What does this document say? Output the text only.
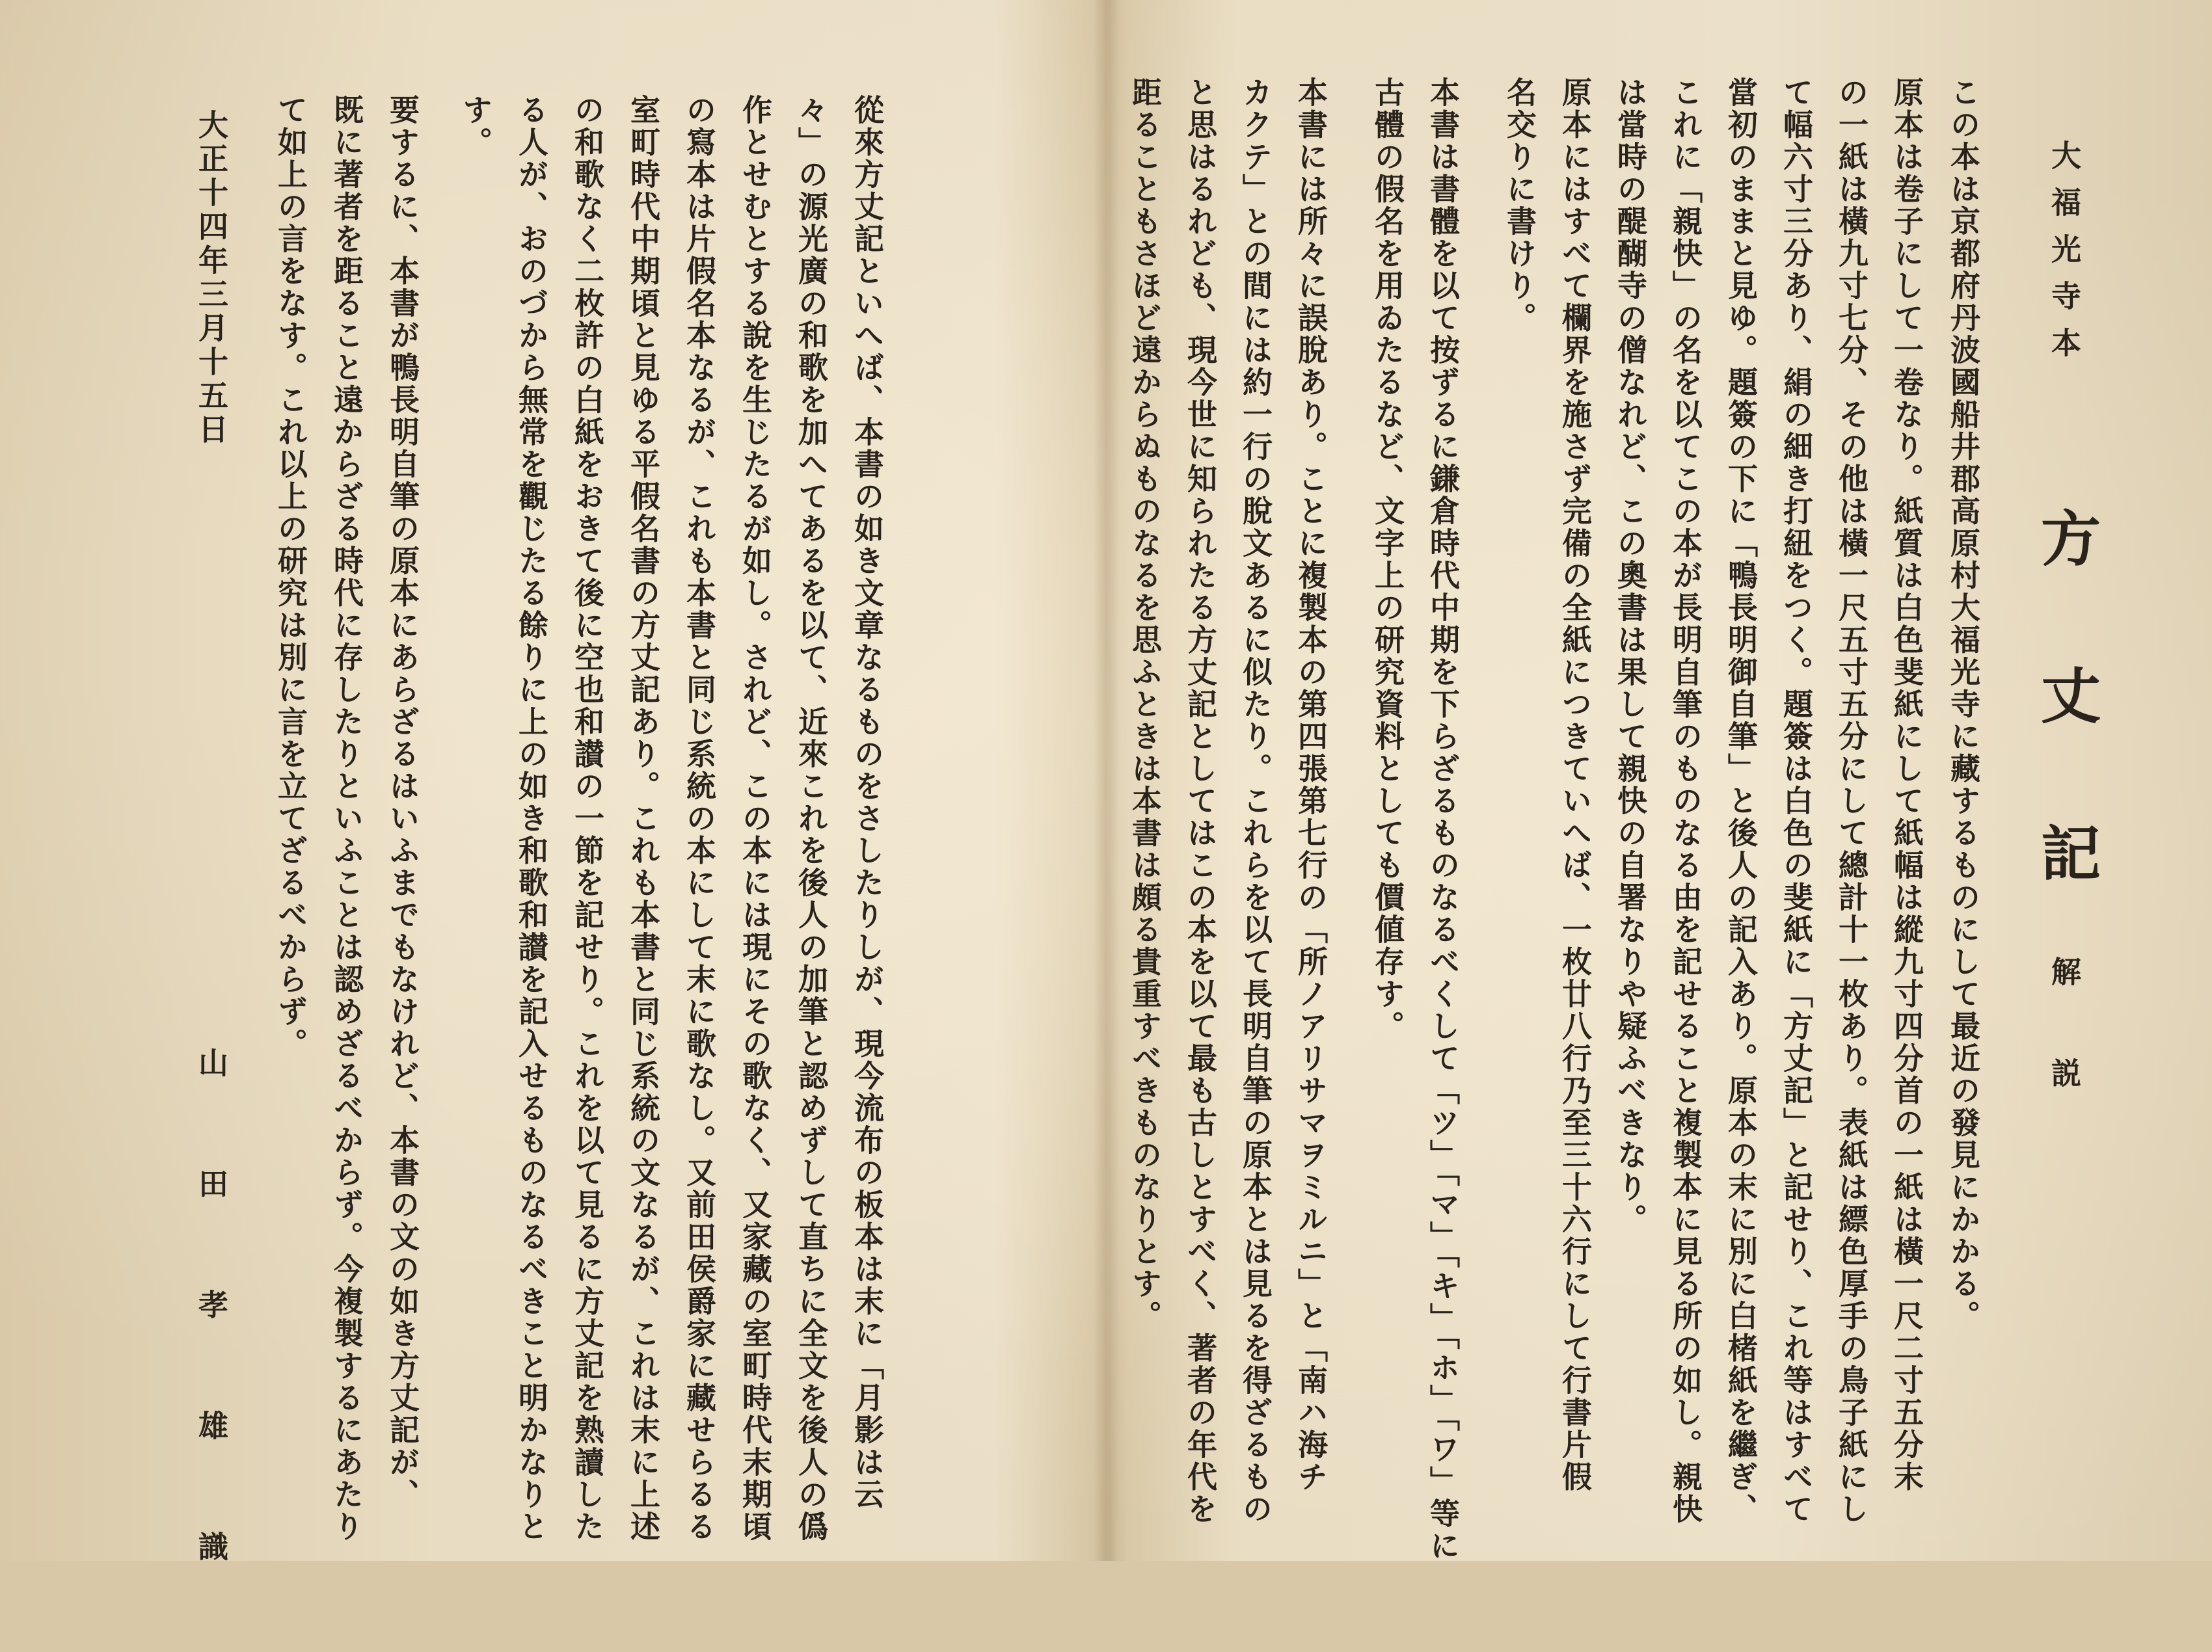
大福光寺本
方丈記
解説
この本は京都府丹波國船井郡高原村大福光寺に藏するものにして最近の發見にかかる。
原本は卷子にして一卷なり。紙質は白色斐紙にして紙幅は縱九寸四分首の一紙は橫一尺二寸五分末
の一紙は橫九寸七分、その他は橫一尺五寸五分にして總計十一枚あり。表紙は縹色厚手の鳥子紙にし
て幅六寸三分あり、絹の細き打紐をつく。題簽は白色の斐紙に「方丈記」と記せり、これ等はすべて
當初のままと見ゆ。題簽の下に「鴨長明御自筆」と後人の記入あり。原本の末に別に白楮紙を繼ぎ、
これに「親快」の名を以てこの本が長明自筆のものなる由を記せること複製本に見る所の如し。親快
は當時の醍醐寺の僧なれど、この奧書は果して親快の自署なりや疑ふべきなり。
原本にはすべて欄界を施さず完備の全紙につきていへば、一枚廿八行乃至三十六行にして行書片假
名交りに書けり。
本書は書體を以て按ずるに鎌倉時代中期を下らざるものなるべくして「ツ」「マ」「キ」「ホ」「ワ」等に
古體の假名を用ゐたるなど、文字上の研究資料としても價値存す。
本書には所々に誤脫あり。ことに複製本の第四張第七行の「所ノアリサマヲミルニ」と「南ハ海チ
カクテ」との間には約一行の脫文あるに似たり。これらを以て長明自筆の原本とは見るを得ざるもの
と思はるれども、現今世に知られたる方丈記としてはこの本を以て最も古しとすべく、著者の年代を
距ることもさほど遠からぬものなるを思ふときは本書は頗る貴重すべきものなりとす。
從來方丈記といへば、本書の如き文章なるものをさしたりしが、現今流布の板本は末に「月影は云
々」の源光廣の和歌を加へてあるを以て、近來これを後人の加筆と認めずして直ちに全文を後人の僞
作とせむとする說を生じたるが如し。されど、この本には現にその歌なく、又家藏の室町時代末期頃
の寫本は片假名本なるが、これも本書と同じ系統の本にして末に歌なし。又前田侯爵家に藏せらるる
室町時代中期頃と見ゆる平假名書の方丈記あり。これも本書と同じ系統の文なるが、これは末に上述
の和歌なく二枚許の白紙をおきて後に空也和讃の一節を記せり。これを以て見るに方丈記を熟讀した
る人が、おのづから無常を觀じたる餘りに上の如き和歌和讃を記入せるものなるべきこと明かなりと
す。
要するに、本書が鴨長明自筆の原本にあらざるはいふまでもなけれど、本書の文の如き方丈記が、
既に著者を距ること遠からざる時代に存したりといふことは認めざるべからず。今複製するにあたり
て如上の言をなす。これ以上の研究は別に言を立てざるべからず。
大正十四年三月十五日
山田孝雄識
